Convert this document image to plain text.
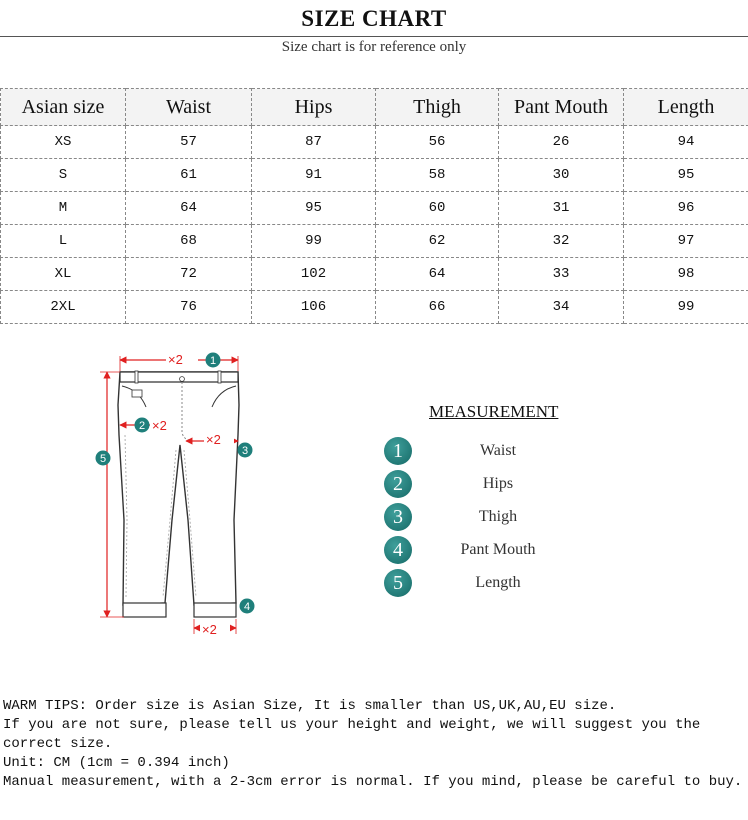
SIZE CHART
Size chart is for reference only
Asian size	Waist	Hips	Thigh	Pant Mouth	Length
XS	57	87	56	26	94
S	61	91	58	30	95
M	64	95	60	31	96
L	68	99	62	32	97
XL	72	102	64	33	98
2XL	76	106	66	34	99
×2 1
2 ×2
×2
3
5
×2
4
MEASUREMENT
1	Waist
2	Hips
3	Thigh
4	Pant Mouth
5	Length

WARM TIPS: Order size is Asian Size, It is smaller than US,UK,AU,EU size.

If you are not sure, please tell us your height and weight, we will suggest you the correct size.

Unit: CM (1cm = 0.394 inch)

Manual measurement, with a 2-3cm error is normal. If you mind, please be careful to buy.
